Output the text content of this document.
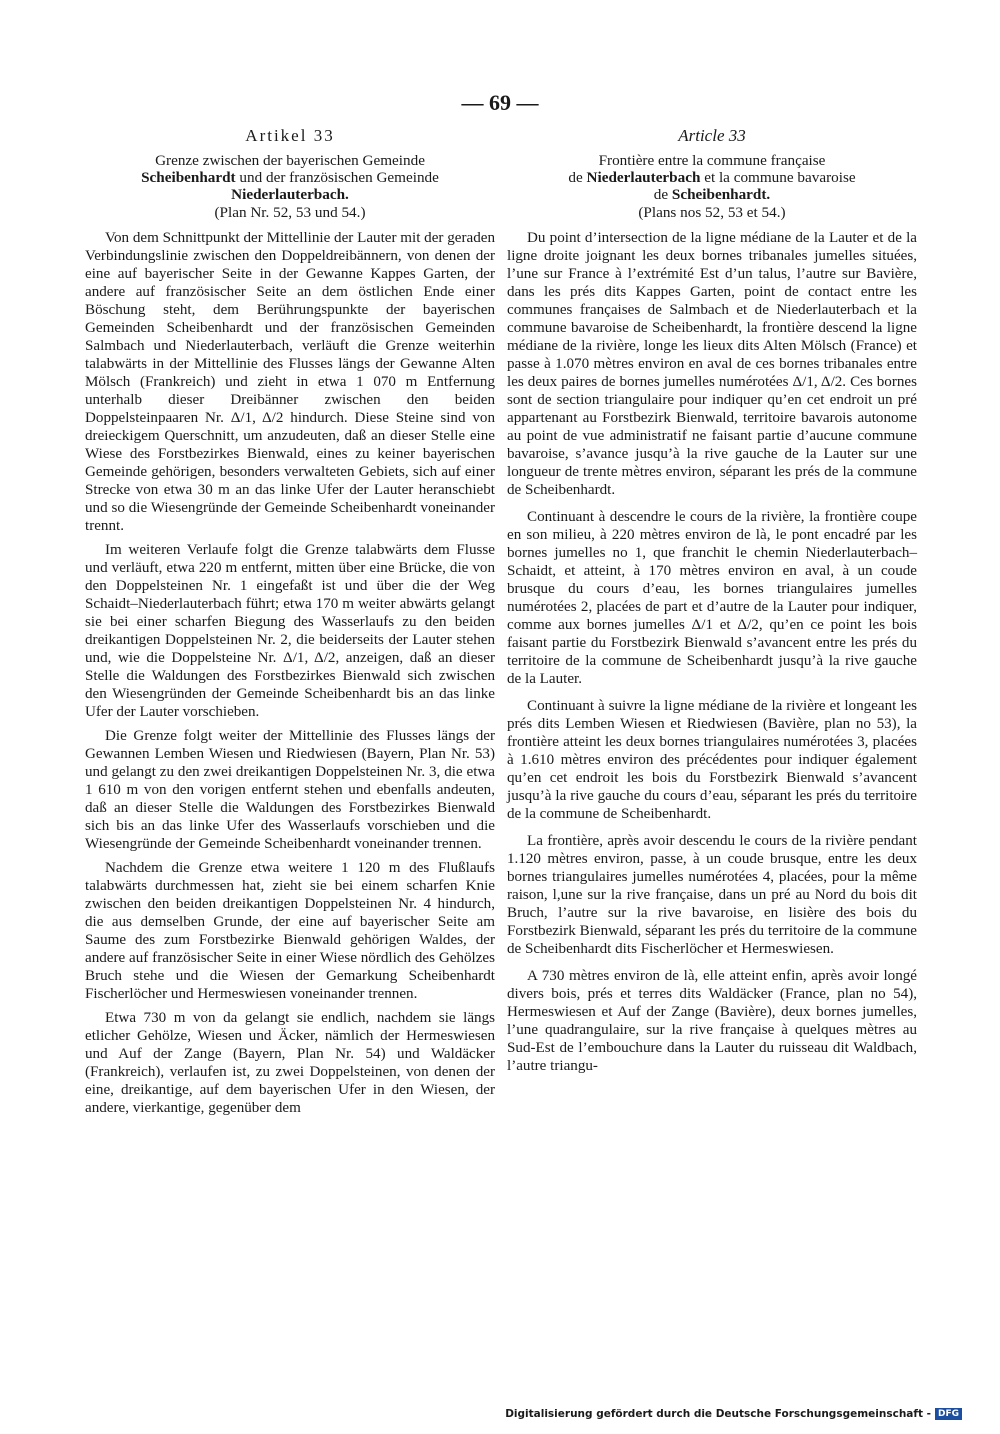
— 69 —
Artikel 33

Grenze zwischen der bayerischen Gemeinde
Scheibenhardt und der französischen Gemeinde
Niederlauterbach.

(Plan Nr. 52, 53 und 54.)

Von dem Schnittpunkt der Mittellinie der Lauter mit der geraden Verbindungslinie zwischen den Doppeldreibännern, von denen der eine auf bayerischer Seite in der Gewanne Kappes Garten, der andere auf französischer Seite an dem östlichen Ende einer Böschung steht, dem Berührungspunkte der bayerischen Gemeinden Scheibenhardt und der französischen Gemeinden Salmbach und Niederlauterbach, verläuft die Grenze weiterhin talabwärts in der Mittellinie des Flusses längs der Gewanne Alten Mölsch (Frankreich) und zieht in etwa 1 070 m Entfernung unterhalb dieser Dreibänner zwischen den beiden Doppelsteinpaaren Nr. Δ/1, Δ/2 hindurch. Diese Steine sind von dreieckigem Querschnitt, um anzudeuten, daß an dieser Stelle eine Wiese des Forstbezirkes Bienwald, eines zu keiner bayerischen Gemeinde gehörigen, besonders verwalteten Gebiets, sich auf einer Strecke von etwa 30 m an das linke Ufer der Lauter heranschiebt und so die Wiesengründe der Gemeinde Scheibenhardt voneinander trennt.

Im weiteren Verlaufe folgt die Grenze talabwärts dem Flusse und verläuft, etwa 220 m entfernt, mitten über eine Brücke, die von den Doppelsteinen Nr. 1 eingefaßt ist und über die der Weg Schaidt–Niederlauterbach führt; etwa 170 m weiter abwärts gelangt sie bei einer scharfen Biegung des Wasserlaufs zu den beiden dreikantigen Doppelsteinen Nr. 2, die beiderseits der Lauter stehen und, wie die Doppelsteine Nr. Δ/1, Δ/2, anzeigen, daß an dieser Stelle die Waldungen des Forstbezirkes Bienwald sich zwischen den Wiesengründen der Gemeinde Scheibenhardt bis an das linke Ufer der Lauter vorschieben.

Die Grenze folgt weiter der Mittellinie des Flusses längs der Gewannen Lemben Wiesen und Riedwiesen (Bayern, Plan Nr. 53) und gelangt zu den zwei dreikantigen Doppelsteinen Nr. 3, die etwa 1 610 m von den vorigen entfernt stehen und ebenfalls andeuten, daß an dieser Stelle die Waldungen des Forstbezirkes Bienwald sich bis an das linke Ufer des Wasserlaufs vorschieben und die Wiesengründe der Gemeinde Scheibenhardt voneinander trennen.

Nachdem die Grenze etwa weitere 1 120 m des Flußlaufs talabwärts durchmessen hat, zieht sie bei einem scharfen Knie zwischen den beiden dreikantigen Doppelsteinen Nr. 4 hindurch, die aus demselben Grunde, der eine auf bayerischer Seite am Saume des zum Forstbezirke Bienwald gehörigen Waldes, der andere auf französischer Seite in einer Wiese nördlich des Gehölzes Bruch stehe und die Wiesen der Gemarkung Scheibenhardt Fischerlöcher und Hermeswiesen voneinander trennen.

Etwa 730 m von da gelangt sie endlich, nachdem sie längs etlicher Gehölze, Wiesen und Äcker, nämlich der Hermeswiesen und Auf der Zange (Bayern, Plan Nr. 54) und Waldäcker (Frankreich), verlaufen ist, zu zwei Doppelsteinen, von denen der eine, dreikantige, auf dem bayerischen Ufer in den Wiesen, der andere, vierkantige, gegenüber dem

Article 33

Frontière entre la commune française
de Niederlauterbach et la commune bavaroise
de Scheibenhardt.

(Plans nos 52, 53 et 54.)

Du point d’intersection de la ligne médiane de la Lauter et de la ligne droite joignant les deux bornes tribanales jumelles situées, l’une sur France à l’extrémité Est d’un talus, l’autre sur Bavière, dans les prés dits Kappes Garten, point de contact entre les communes françaises de Salmbach et de Niederlauterbach et la commune bavaroise de Scheibenhardt, la frontière descend la ligne médiane de la rivière, longe les lieux dits Alten Mölsch (France) et passe à 1.070 mètres environ en aval de ces bornes tribanales entre les deux paires de bornes jumelles numérotées Δ/1, Δ/2. Ces bornes sont de section triangulaire pour indiquer qu’en cet endroit un pré appartenant au Forstbezirk Bienwald, territoire bavarois autonome au point de vue administratif ne faisant partie d’aucune commune bavaroise, s’avance jusqu’à la rive gauche de la Lauter sur une longueur de trente mètres environ, séparant les prés de la commune de Scheibenhardt.

Continuant à descendre le cours de la rivière, la frontière coupe en son milieu, à 220 mètres environ de là, le pont encadré par les bornes jumelles no 1, que franchit le chemin Niederlauterbach–Schaidt, et atteint, à 170 mètres environ en aval, à un coude brusque du cours d’eau, les bornes triangulaires jumelles numérotées 2, placées de part et d’autre de la Lauter pour indiquer, comme aux bornes jumelles Δ/1 et Δ/2, qu’en ce point les bois faisant partie du Forstbezirk Bienwald s’avancent entre les prés du territoire de la commune de Scheibenhardt jusqu’à la rive gauche de la Lauter.

Continuant à suivre la ligne médiane de la rivière et longeant les prés dits Lemben Wiesen et Riedwiesen (Bavière, plan no 53), la frontière atteint les deux bornes triangulaires numérotées 3, placées à 1.610 mètres environ des précédentes pour indiquer également qu’en cet endroit les bois du Forstbezirk Bienwald s’avancent jusqu’à la rive gauche du cours d’eau, séparant les prés du territoire de la commune de Scheibenhardt.

La frontière, après avoir descendu le cours de la rivière pendant 1.120 mètres environ, passe, à un coude brusque, entre les deux bornes triangulaires jumelles numérotées 4, placées, pour la même raison, l,une sur la rive française, dans un pré au Nord du bois dit Bruch, l’autre sur la rive bavaroise, en lisière des bois du Forstbezirk Bienwald, séparant les prés du territoire de la commune de Scheibenhardt dits Fischerlöcher et Hermeswiesen.

A 730 mètres environ de là, elle atteint enfin, après avoir longé divers bois, prés et terres dits Waldäcker (France, plan no 54), Hermeswiesen et Auf der Zange (Bavière), deux bornes jumelles, l’une quadrangulaire, sur la rive française à quelques mètres au Sud-Est de l’embouchure dans la Lauter du ruisseau dit Waldbach, l’autre triangu-

Digitalisierung gefördert durch die Deutsche Forschungsgemeinschaft - DFG
